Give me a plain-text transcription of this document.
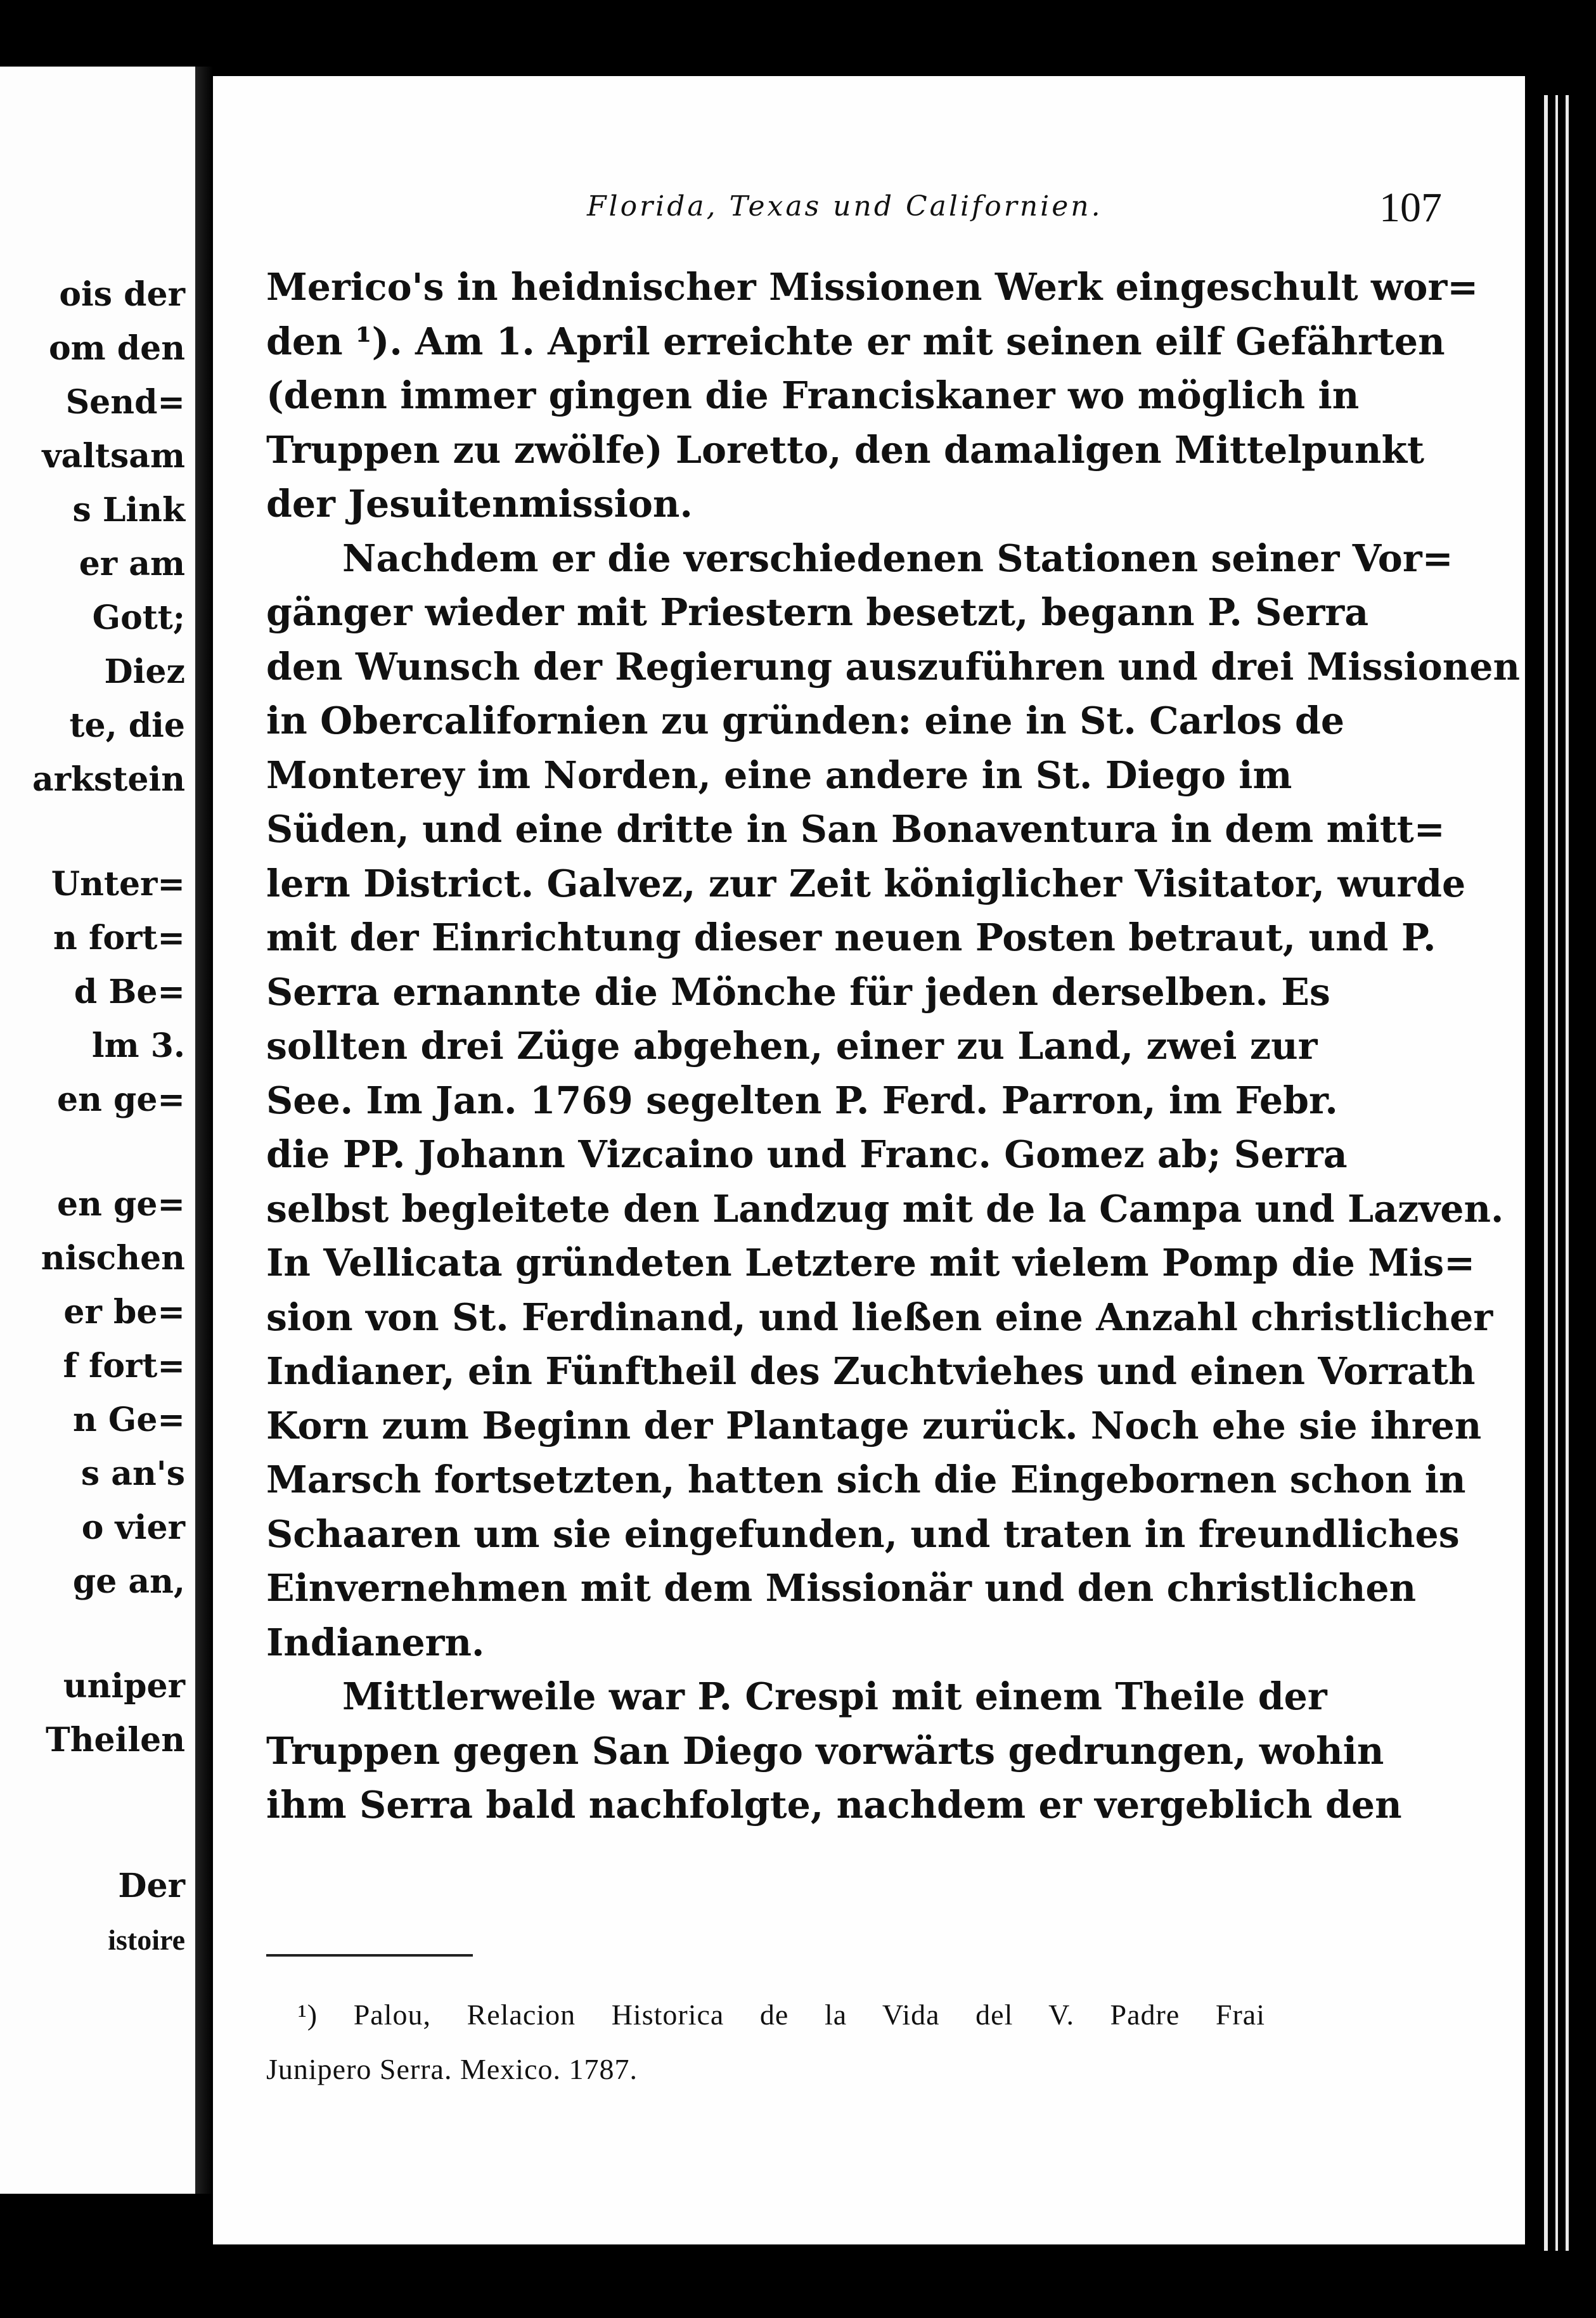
ois der
om den
Send=
valtsam
s Link
er am
Gott;
Diez
te, die
arkstein
Unter=
n fort=
d Be=
lm 3.
en ge=
en ge=
nischen
er be=
f fort=
n Ge=
s an's
o vier
ge an,
uniper
Theilen
Der
istoire
Florida, Texas und Californien.	107
Merico's in heidnischer Missionen Werk eingeschult wor=
den ¹). Am 1. April erreichte er mit seinen eilf Gefährten
(denn immer gingen die Franciskaner wo möglich in
Truppen zu zwölfe) Loretto, den damaligen Mittelpunkt
der Jesuitenmission.
Nachdem er die verschiedenen Stationen seiner Vor=
gänger wieder mit Priestern besetzt, begann P. Serra
den Wunsch der Regierung auszuführen und drei Missionen
in Obercalifornien zu gründen: eine in St. Carlos de
Monterey im Norden, eine andere in St. Diego im
Süden, und eine dritte in San Bonaventura in dem mitt=
lern District. Galvez, zur Zeit königlicher Visitator, wurde
mit der Einrichtung dieser neuen Posten betraut, und P.
Serra ernannte die Mönche für jeden derselben. Es
sollten drei Züge abgehen, einer zu Land, zwei zur
See. Im Jan. 1769 segelten P. Ferd. Parron, im Febr.
die PP. Johann Vizcaino und Franc. Gomez ab; Serra
selbst begleitete den Landzug mit de la Campa und Lazven.
In Vellicata gründeten Letztere mit vielem Pomp die Mis=
sion von St. Ferdinand, und ließen eine Anzahl christlicher
Indianer, ein Fünftheil des Zuchtviehes und einen Vorrath
Korn zum Beginn der Plantage zurück. Noch ehe sie ihren
Marsch fortsetzten, hatten sich die Eingebornen schon in
Schaaren um sie eingefunden, und traten in freundliches
Einvernehmen mit dem Missionär und den christlichen
Indianern.
Mittlerweile war P. Crespi mit einem Theile der
Truppen gegen San Diego vorwärts gedrungen, wohin
ihm Serra bald nachfolgte, nachdem er vergeblich den
¹) Palou, Relacion Historica de la Vida del V. Padre Frai
Junipero Serra. Mexico. 1787.
